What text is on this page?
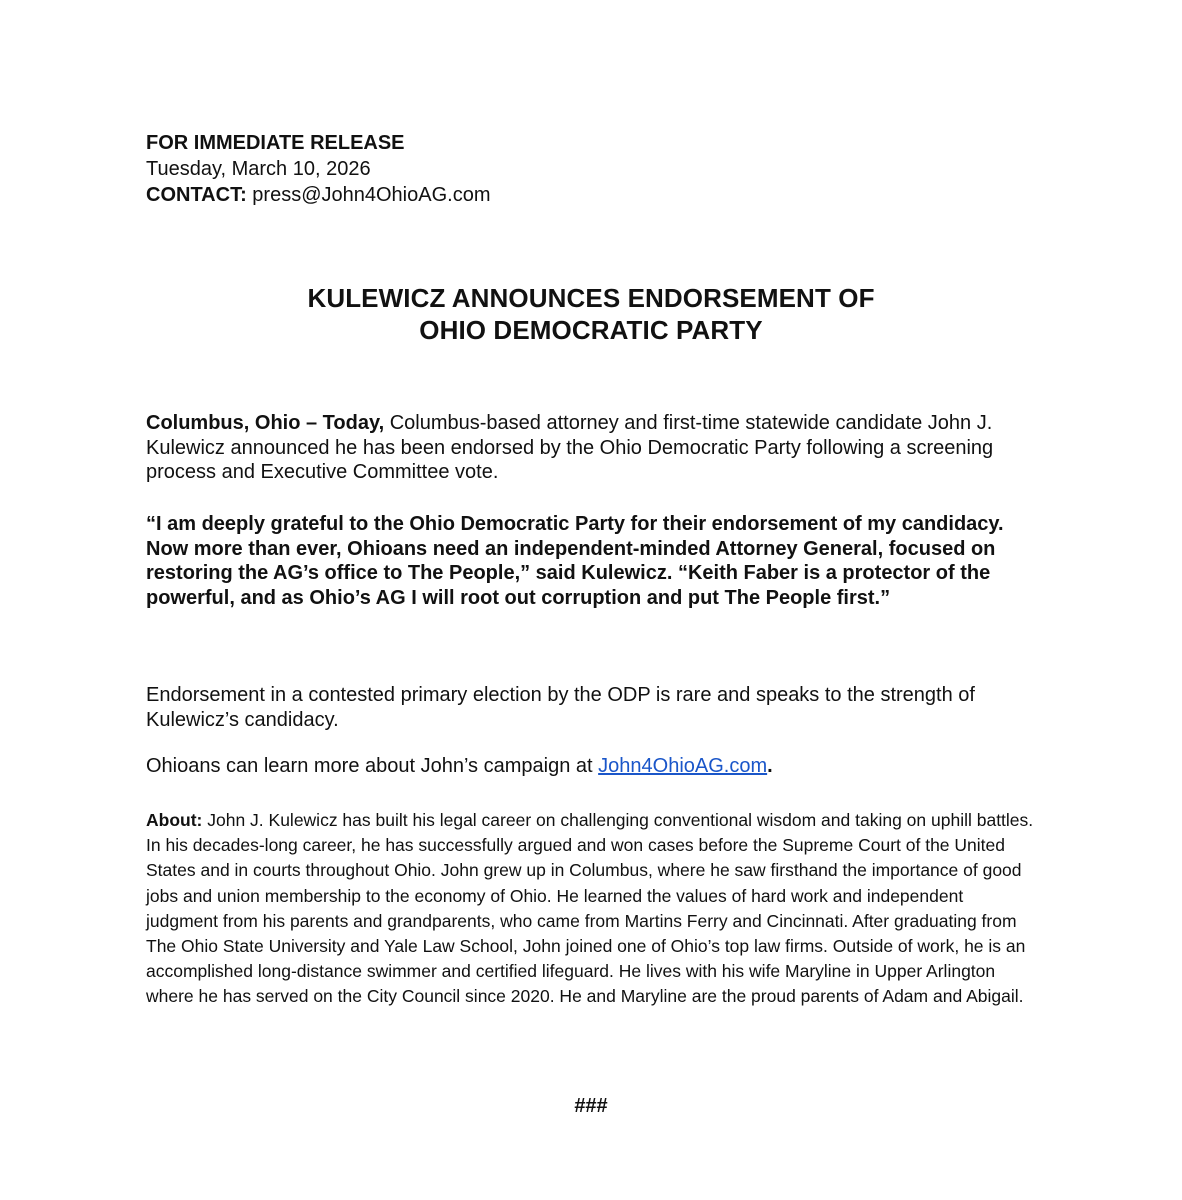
FOR IMMEDIATE RELEASE
Tuesday, March 10, 2026
CONTACT: press@John4OhioAG.com
KULEWICZ ANNOUNCES ENDORSEMENT OF
OHIO DEMOCRATIC PARTY
Columbus, Ohio – Today, Columbus-based attorney and first-time statewide candidate John J. Kulewicz announced he has been endorsed by the Ohio Democratic Party following a screening process and Executive Committee vote.
“I am deeply grateful to the Ohio Democratic Party for their endorsement of my candidacy. Now more than ever, Ohioans need an independent-minded Attorney General, focused on restoring the AG’s office to The People,” said Kulewicz. “Keith Faber is a protector of the powerful, and as Ohio’s AG I will root out corruption and put The People first.”
Endorsement in a contested primary election by the ODP is rare and speaks to the strength of Kulewicz’s candidacy.
Ohioans can learn more about John’s campaign at John4OhioAG.com.
About: John J. Kulewicz has built his legal career on challenging conventional wisdom and taking on uphill battles. In his decades-long career, he has successfully argued and won cases before the Supreme Court of the United States and in courts throughout Ohio. John grew up in Columbus, where he saw firsthand the importance of good jobs and union membership to the economy of Ohio. He learned the values of hard work and independent judgment from his parents and grandparents, who came from Martins Ferry and Cincinnati. After graduating from The Ohio State University and Yale Law School, John joined one of Ohio’s top law firms. Outside of work, he is an accomplished long-distance swimmer and certified lifeguard. He lives with his wife Maryline in Upper Arlington where he has served on the City Council since 2020. He and Maryline are the proud parents of Adam and Abigail.
###
